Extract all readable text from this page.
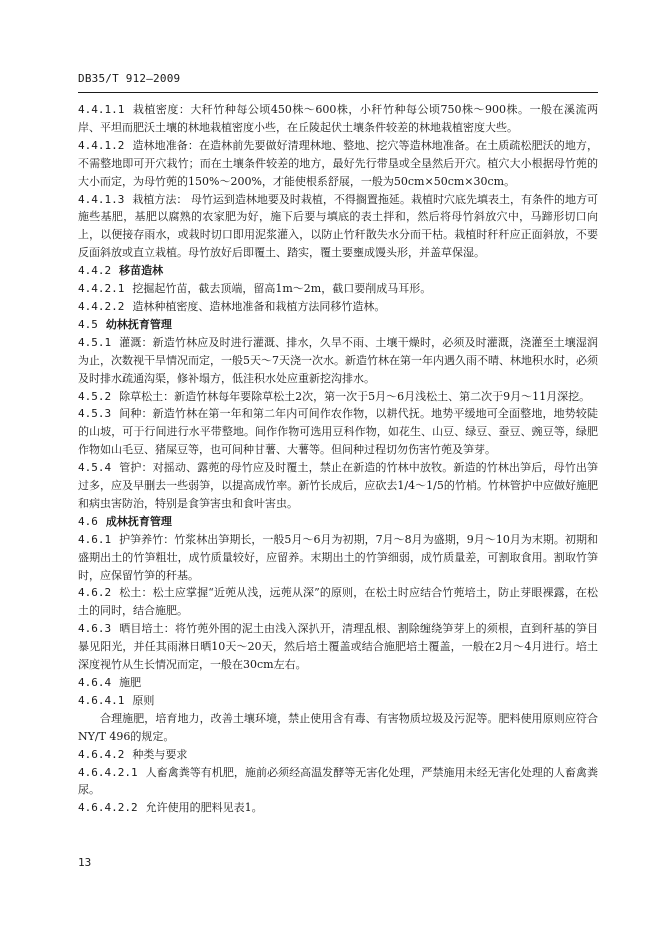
DB35/T 912—2009

4.4.1.1 栽植密度：大秆竹种每公顷450株～600株，小秆竹种每公顷750株～900株。一般在溪流两岸、平坦而肥沃土壤的林地栽植密度小些，在丘陵起伏土壤条件较差的林地栽植密度大些。

4.4.1.2 造林地准备：在造林前先要做好清理林地、整地、挖穴等造林地准备。在土质疏松肥沃的地方，不需整地即可开穴栽竹；而在土壤条件较差的地方，最好先行带垦或全垦然后开穴。植穴大小根据母竹蔸的大小而定，为母竹蔸的150%～200%，才能使根系舒展，一般为50cm×50cm×30cm。

4.4.1.3 栽植方法： 母竹运到造林地要及时栽植，不得搁置拖延。栽植时穴底先填表土，有条件的地方可施些基肥，基肥以腐熟的农家肥为好，施下后要与填底的表土拌和，然后将母竹斜放穴中，马蹄形切口向上，以便接存雨水，或栽时切口即用泥浆灌入，以防止竹秆散失水分而干枯。栽植时秆秆应正面斜放，不要反面斜放或直立栽植。母竹放好后即覆土、踏实，覆土要壅成馒头形，并盖草保湿。

4.4.2 移苗造林

4.4.2.1 挖掘起竹苗，截去顶端，留高1m～2m，截口要削成马耳形。

4.4.2.2 造林种植密度、造林地准备和栽植方法同移竹造林。

4.5 幼林抚育管理

4.5.1 灌溉：新造竹林应及时进行灌溉、排水，久旱不雨、土壤干燥时，必须及时灌溉，浇灌至土壤湿润为止，次数视干旱情况而定，一般5天～7天浇一次水。新造竹林在第一年内遇久雨不晴、林地积水时，必须及时排水疏通沟渠，修补塌方，低洼积水处应重新挖沟排水。

4.5.2 除草松土：新造竹林每年要除草松土2次，第一次于5月～6月浅松土、第二次于9月～11月深挖。

4.5.3 间种：新造竹林在第一年和第二年内可间作农作物，以耕代抚。地势平缓地可全面整地，地势较陡的山坡，可于行间进行水平带整地。间作作物可选用豆科作物，如花生、山豆、绿豆、蚕豆、豌豆等，绿肥作物如山毛豆、猪屎豆等，也可间种甘薯、大薯等。但间种过程切勿伤害竹蔸及笋芽。

4.5.4 管护：对摇动、露蔸的母竹应及时覆土，禁止在新造的竹林中放牧。新造的竹林出笋后，母竹出笋过多，应及早删去一些弱笋，以提高成竹率。新竹长成后，应砍去1/4～1/5的竹梢。竹林管护中应做好施肥和病虫害防治，特别是食笋害虫和食叶害虫。

4.6 成林抚育管理

4.6.1 护笋养竹：竹浆林出笋期长，一般5月～6月为初期，7月～8月为盛期，9月～10月为末期。初期和盛期出土的竹笋粗壮，成竹质量较好，应留养。末期出土的竹笋细弱，成竹质量差，可割取食用。割取竹笋时，应保留竹笋的秆基。

4.6.2 松土：松土应掌握“近蔸从浅，远蔸从深”的原则，在松土时应结合竹蔸培土，防止芽眼裸露，在松土的同时，结合施肥。

4.6.3 晒目培土：将竹蔸外围的泥土由浅入深扒开，清理乱根、割除缠绕笋芽上的须根，直到秆基的笋目暴见阳光，并任其雨淋日晒10天～20天，然后培土覆盖或结合施肥培土覆盖，一般在2月～4月进行。培土深度视竹从生长情况而定，一般在30cm左右。

4.6.4 施肥

4.6.4.1 原则

合理施肥，培育地力，改善土壤环境，禁止使用含有毒、有害物质垃圾及污泥等。肥料使用原则应符合NY/T 496的规定。

4.6.4.2 种类与要求

4.6.4.2.1 人畜禽粪等有机肥，施前必须经高温发酵等无害化处理，严禁施用未经无害化处理的人畜禽粪尿。

4.6.4.2.2 允许使用的肥料见表1。

13
